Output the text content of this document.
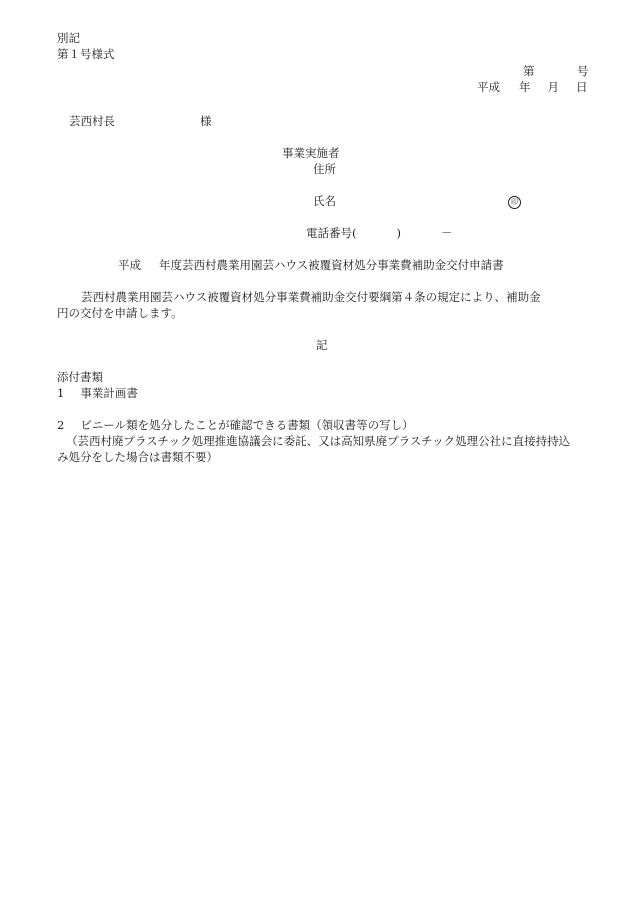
別記
第１号様式
第	号
平成 年 月 日
芸西村長	様
事業実施者
住所
氏名	印
電話番号(	)	－
平成 年度芸西村農業用園芸ハウス被覆資材処分事業費補助金交付申請書
芸西村農業用園芸ハウス被覆資材処分事業費補助金交付要綱第４条の規定により、補助金
円の交付を申請します。
記
添付書類
1 事業計画書
2 ビニール類を処分したことが確認できる書類（領収書等の写し）
（芸西村廃プラスチック処理推進協議会に委託、又は高知県廃プラスチック処理公社に直接持持込
み処分をした場合は書類不要）
